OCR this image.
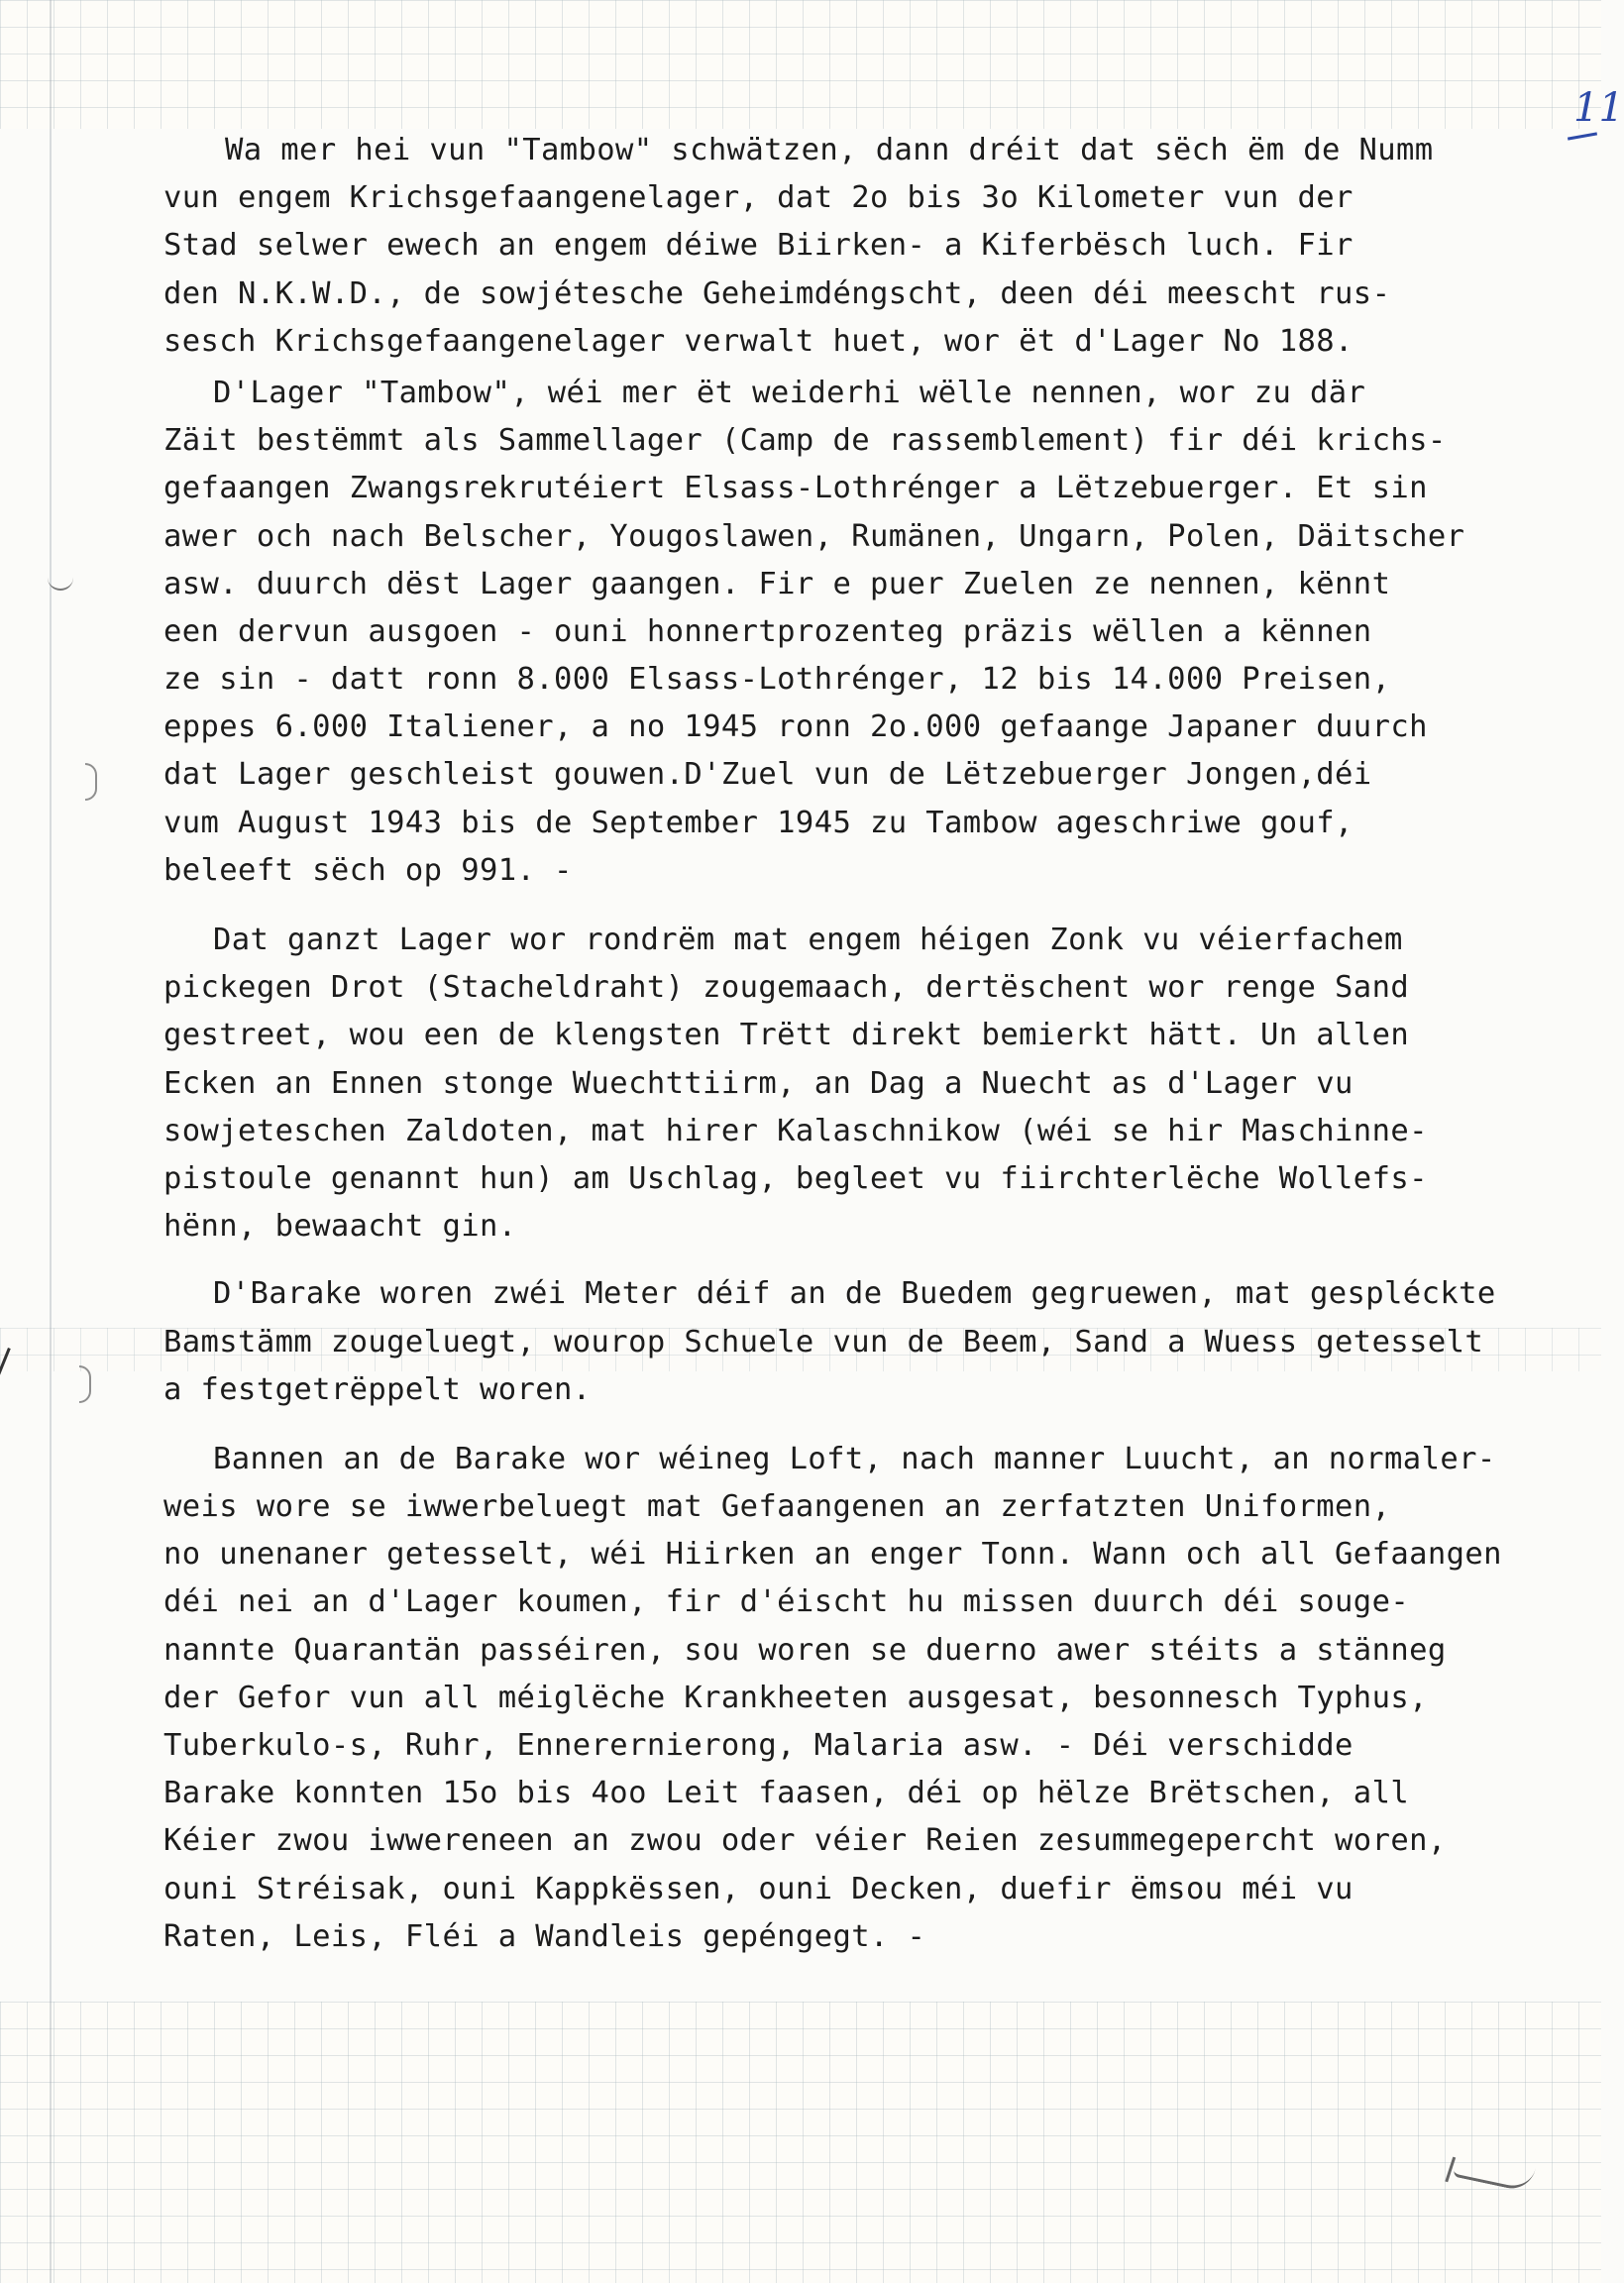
11
Wa mer hei vun "Tambow" schwätzen, dann dréit dat sëch ëm de Numm
vun engem Krichsgefaangenelager, dat 2o bis 3o Kilometer vun der
Stad selwer ewech an engem déiwe Biirken- a Kiferbësch luch. Fir
den N.K.W.D., de sowjétesche Geheimdéngscht, deen déi meescht rus-
sesch Krichsgefaangenelager verwalt huet, wor ët d'Lager No 188.
D'Lager "Tambow", wéi mer ët weiderhi wëlle nennen, wor zu där
Zäit bestëmmt als Sammellager (Camp de rassemblement) fir déi krichs-
gefaangen Zwangsrekrutéiert Elsass-Lothrénger a Lëtzebuerger. Et sin
awer och nach Belscher, Yougoslawen, Rumänen, Ungarn, Polen, Däitscher
asw. duurch dëst Lager gaangen. Fir e puer Zuelen ze nennen, kënnt
een dervun ausgoen - ouni honnertprozenteg präzis wëllen a kënnen
ze sin - datt ronn 8.000 Elsass-Lothrénger, 12 bis 14.000 Preisen,
eppes 6.000 Italiener, a no 1945 ronn 2o.000 gefaange Japaner duurch
dat Lager geschleist gouwen.D'Zuel vun de Lëtzebuerger Jongen,déi
vum August 1943 bis de September 1945 zu Tambow ageschriwe gouf,
beleeft sëch op 991. -
Dat ganzt Lager wor rondrëm mat engem héigen Zonk vu véierfachem
pickegen Drot (Stacheldraht) zougemaach, dertëschent wor renge Sand
gestreet, wou een de klengsten Trëtt direkt bemierkt hätt. Un allen
Ecken an Ennen stonge Wuechttiirm, an Dag a Nuecht as d'Lager vu
sowjeteschen Zaldoten, mat hirer Kalaschnikow (wéi se hir Maschinne-
pistoule genannt hun) am Uschlag, begleet vu fiirchterlëche Wollefs-
hënn, bewaacht gin.
D'Barake woren zwéi Meter déif an de Buedem gegruewen, mat gespléckte
Bamstämm zougeluegt, wourop Schuele vun de Beem, Sand a Wuess getesselt
a festgetrëppelt woren.
Bannen an de Barake wor wéineg Loft, nach manner Luucht, an normaler-
weis wore se iwwerbeluegt mat Gefaangenen an zerfatzten Uniformen,
no unenaner getesselt, wéi Hiirken an enger Tonn. Wann och all Gefaangen
déi nei an d'Lager koumen, fir d'éischt hu missen duurch déi souge-
nannte Quarantän passéiren, sou woren se duerno awer stéits a stänneg
der Gefor vun all méiglëche Krankheeten ausgesat, besonnesch Typhus,
Tuberkulo-s, Ruhr, Ennerernierong, Malaria asw. - Déi verschidde
Barake konnten 15o bis 4oo Leit faasen, déi op hëlze Brëtschen, all
Kéier zwou iwwereneen an zwou oder véier Reien zesummegepercht woren,
ouni Stréisak, ouni Kappkëssen, ouni Decken, duefir ëmsou méi vu
Raten, Leis, Fléi a Wandleis gepéngegt. -
